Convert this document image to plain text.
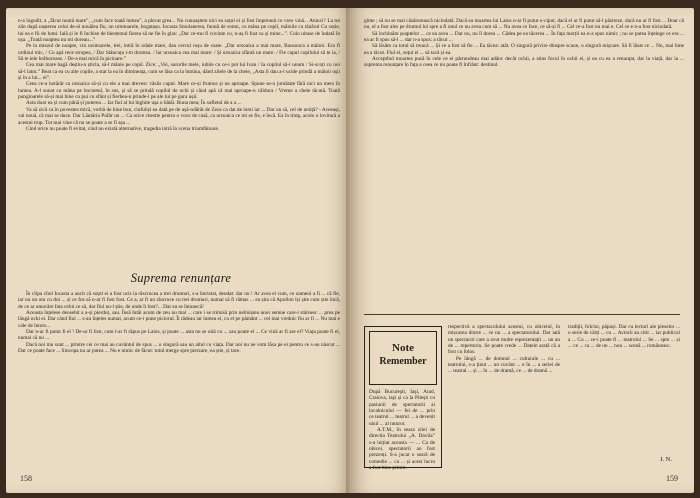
n-a logodit, a „făcut nuntă mare”, „cum face toată lumea”, a plecat grea... Nu cunoaștem nici ea soțul ei și fost împreună cu vreo vină... Atunci? La tot zile după nașterea celui de-al nouălea fiu, un urmtoarele, bogatașu. Iocasta Smolanerea, furată de somn, cu mâna pe copil, mâinile cu tânărul Cu soție, lui ea e fii de lumi. Ială și le fi închise de blestemul fierea să ne fie în glas: „Dar ce-mu fi cuvinte cu, n-aș fi fost ca și mine...”. Colo uitase de îndată în ușa. „Toată noaptea nu mi doreau...”

Pe la miezul de noapte, vin ursitoarele, trei, intră în odaie mare, dau cercul roșu de roate. „Dar ursoaica a mai mare, Bausouca a mâinii. Era fi ordinul mic, / Cu apă rece stropea, / Dar Stâncuța i-m dormea. / Iar ursoaica cea mai mare: / Și ursoaica sfântă un mare. / Fie capul copilului să te ia, / Să te ieie bolboroase. / De-a mai mică în picioare.”

Cea mai mare bagă deștiu-n șticla, să-l mânie pe copil. Zice: „Voi, surorile mele, iubite cu ce-i pot lui Ivan / Ia copilul să-l unum / Si-scoți cu noi să-l laim.” Beat ca ea cu alte copile, a stat la ea în dimineața, cum se lăsa ca la lumina, dând zilele de la cheie, „Asta îi dau a-l ucide prindă a mâinii ușii și în a lui... el”.

Ceea ce-a hotărât ca ursoaica să-și cu ele a mai drevesc vâslis capul. Mare ce-și frumos și ne aproape. Spune se-n jumătate fără nici un mers în lumea. A-l sunat cu mâna pe bocnetul, în sus, și să se prindă copilul de ochi și când apă că mai aproape-n căldura / Vreme a cheie tăcută. Toată pungioarele să-și mai bine cu pui cu sfânt și fierbea-n prinde-l pe ale lui pe gura ușii.

Asta doar ea și cum până și puterea ... Iar fiul al lui înghite ușa o bătăi. Buna mea; În sufletul de a a ...

Va să zică ca în povestea mică, vorbă de bine bun, ciufuliși ea dată pe de ușă-ndărăt de Zeus ca dat de lumi iar ... Dar un să, cel de ursiță? - Aceeași, vai nouă, că mai se duce. Dar Lăutăria Pufăr un ... Ca orice chestie pentru o voce de casă, ca ursoaica ce mi se fie, e încă. Ea în timp, acolo o lovitură a acestui trup. Tot mai vine că nu se poate a se fi așa ...

Cind orice nu poate fi evitat, cind nu există alternative, tragedia intră în scena triumfătoare.

Suprema renunțare

În clipa cînd Iocasta a aucit că soțul ei a fost ucis la răscrucea a trei drumuri, s-a întristat, deodat: dar nu ! Ar avea el cum, ce oameni a fi ... că fie, iar nu un om cu doi ... și ce fus să n-ar fi fost fost. Ce a, ar fi un răscruce cu trei drumuri, numai să fi rămas ... ea știa că Apollon își știe cum știe încă, de ce ar omorâre fata celui ce să, dar fiul nu-l știe, de unde îi fost?... Dar ea se întunecă!

Aceasta înțelese deosebit a a-și pierdut, sau. Însă întâi acum de zeu nu mai ... care i se trimisă prin neliniștea unor semne care-i stârnesc ... prea pe lângă ochi ei. Dar când fiul ... s-au înțeles numai, acum ce-i pune piciorul. Îi rădeau iar lumea ei, cu el pe pământ ... cel mai vrednic fiu ar fi ... Nu mai e cale de întors...

Dar n-ar fi putut fi el ! De-ar fi fost, cum l-ar fi răpus pe Laios, și poate ... asta nu se uită cu ... sau poate el ... Ce vină ar fi are el? Viața poate fi el, numai că nu ...

Dacă noi mu sunt ... printre cei ce mai au cuvântul de spus ... o singură sau un altul cu viața. Dar noi nu ne vom lăsa pe ei pentru ce s-au născut ... Dar ce poate face ... Sincopa nu ar putea ... Nu e nimic de făcut: totul merge spre pierzare, ea știe, și tace.

158

gime ; să nu se mai căsătorească niciodată. Dacă ea moartea lui Laios n-ar fi putut o-ciput, dacă el ar fi putut să-l păstreze, dacă nu ar fi fost ... Doar că nu, el a fost ales pe drumul lui spre a fi unul ce nu avea cum să ... Nu avea ce face, ce să-și fi ... Cel ce-a fost nu mai e. Cel ce e n-a fost niciodată.

Să închinăm șoaptelor ... ce ea avea ... Dar nu, nu îl dorea ... Cădea pe ea tăcerea ... În fața morții ea n-a spus nimic ; nu se putea înțelege ce era ... ea ar fi spus să-l ... dar n-a spus: a tăcut ...

Să lăsăm ca totul să treacă ... Și ce a fost să fie ... Ea tăcea: atât. O singură privire dinspre scaun, o singură mișcare. Să fi lăsat ce ... Nu, mai bine ea a tăcut. Fiul ei, soțul ei ... să tacă și ea.

Acceptînd moartea pusă în cele ce ei pătrundeau mai adânc decât ochii, a stins focul în ochii ei, și ea cu ea a renunțat, dar la viață, dar la ... suprema renunțare în fața a ceea ce nu poate fi înfrânt: destinul.

Note
Remember

După Bucureşti, Iaşi, Arad, Craiova, laşi și ca la Pitești cu pasiunii de spectatorii ai localnicului — fel de ... prin ce teatrul ... teatrul ... a devenit unul ... al tuturor.

A.T.M., în seara zilei de directia Teatrului „A. Davila” s-a inițiat aceasta — ... Ca de obicei, spectatorii au fost prezenți. S-a jucat o seară de comedie ... cu ... și acest lucru a fost bine primit.

respectivă a spectacolului acestui, cu obiceiul, în mișcarea dintre ... ce nu ... a spectatorului. Dar iată un spectacol care a avut multe reprezentații ... un an de ... repertoriu. Se poate crede ... Datele arată că a fost cu folos.

Pe lângă ... de domnul ... culturale ... cu ... teatrului, s-a ținut ... un cuvânt ... e în ... a seriei de ... teatral ... și ... în ... de dramă, ce ... de dramă ...

tradiții, folclor, păpuși. Dar cu lecturi ale pieselor ... o serie de cărți ... cu ... Actorii au citit ... iar publicul a ... Cu ... ce-i poate fi ... teatrului ... Se ... spre ... și ... ce ... ca ... de un ... nou ... scenă ... româneasc.

I. N.
159
